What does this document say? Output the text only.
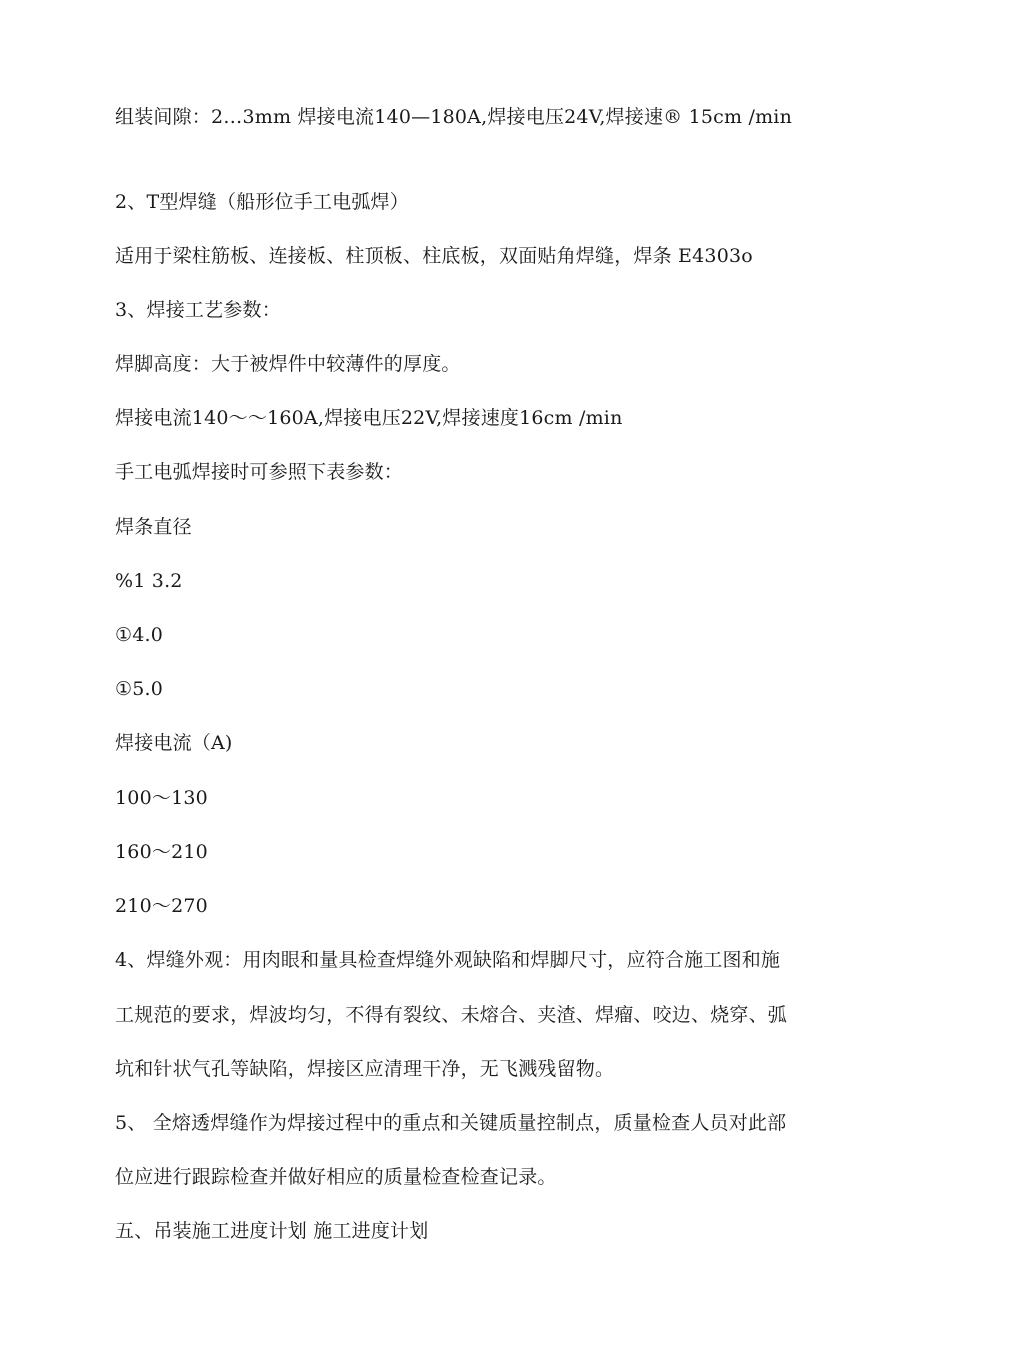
组装间隙：2…3mm 焊接电流140—180A,焊接电压24V,焊接速® 15cm /min
2、T型焊缝（船形位手工电弧焊）
适用于梁柱筋板、连接板、柱顶板、柱底板，双面贴角焊缝，焊条 E4303o
3、焊接工艺参数：
焊脚高度：大于被焊件中较薄件的厚度。
焊接电流140～～160A,焊接电压22V,焊接速度16cm /min
手工电弧焊接时可参照下表参数：
焊条直径
%1 3.2
①4.0
①5.0
焊接电流（A)
100～130
160～210
210～270
4、焊缝外观：用肉眼和量具检查焊缝外观缺陷和焊脚尺寸，应符合施工图和施
工规范的要求，焊波均匀，不得有裂纹、未熔合、夹渣、焊瘤、咬边、烧穿、弧
坑和针状气孔等缺陷，焊接区应清理干净，无飞溅残留物。
5、 全熔透焊缝作为焊接过程中的重点和关键质量控制点，质量检查人员对此部
位应进行跟踪检查并做好相应的质量检查检查记录。
五、吊装施工进度计划 施工进度计划
